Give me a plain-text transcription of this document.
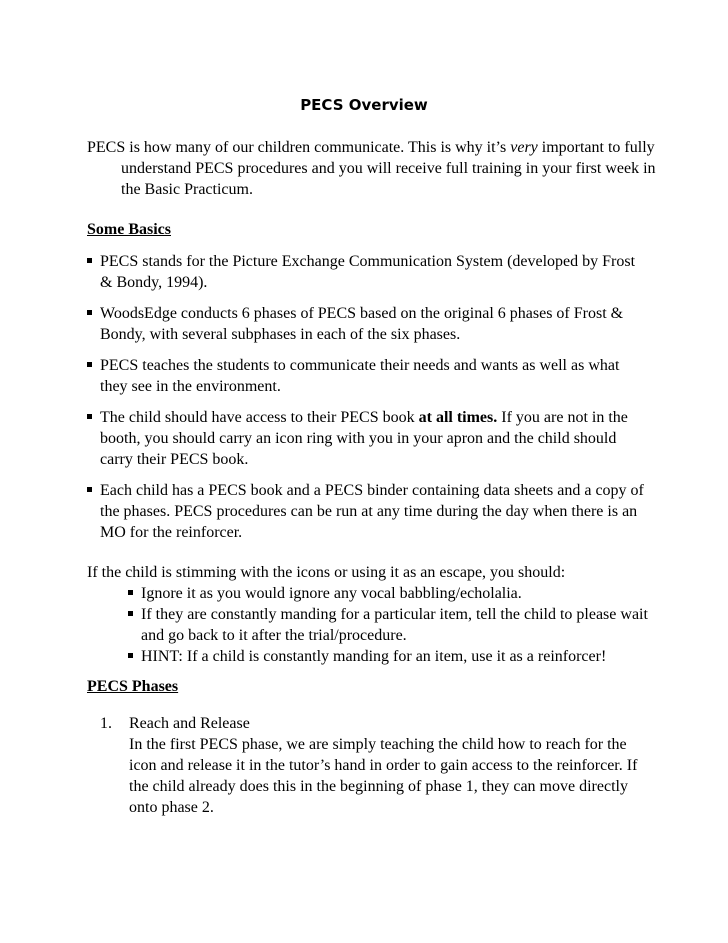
PECS Overview

PECS is how many of our children communicate. This is why it’s very important to fully understand PECS procedures and you will receive full training in your first week in the Basic Practicum.

Some Basics
PECS stands for the Picture Exchange Communication System (developed by Frost & Bondy, 1994).
WoodsEdge conducts 6 phases of PECS based on the original 6 phases of Frost & Bondy, with several subphases in each of the six phases.
PECS teaches the students to communicate their needs and wants as well as what they see in the environment.
The child should have access to their PECS book at all times. If you are not in the booth, you should carry an icon ring with you in your apron and the child should carry their PECS book.
Each child has a PECS book and a PECS binder containing data sheets and a copy of the phases. PECS procedures can be run at any time during the day when there is an MO for the reinforcer.

If the child is stimming with the icons or using it as an escape, you should:

Ignore it as you would ignore any vocal babbling/echolalia.
If they are constantly manding for a particular item, tell the child to please wait and go back to it after the trial/procedure.
HINT: If a child is constantly manding for an item, use it as a reinforcer!
PECS Phases
1. Reach and Release
In the first PECS phase, we are simply teaching the child how to reach for the icon and release it in the tutor’s hand in order to gain access to the reinforcer. If the child already does this in the beginning of phase 1, they can move directly onto phase 2.
